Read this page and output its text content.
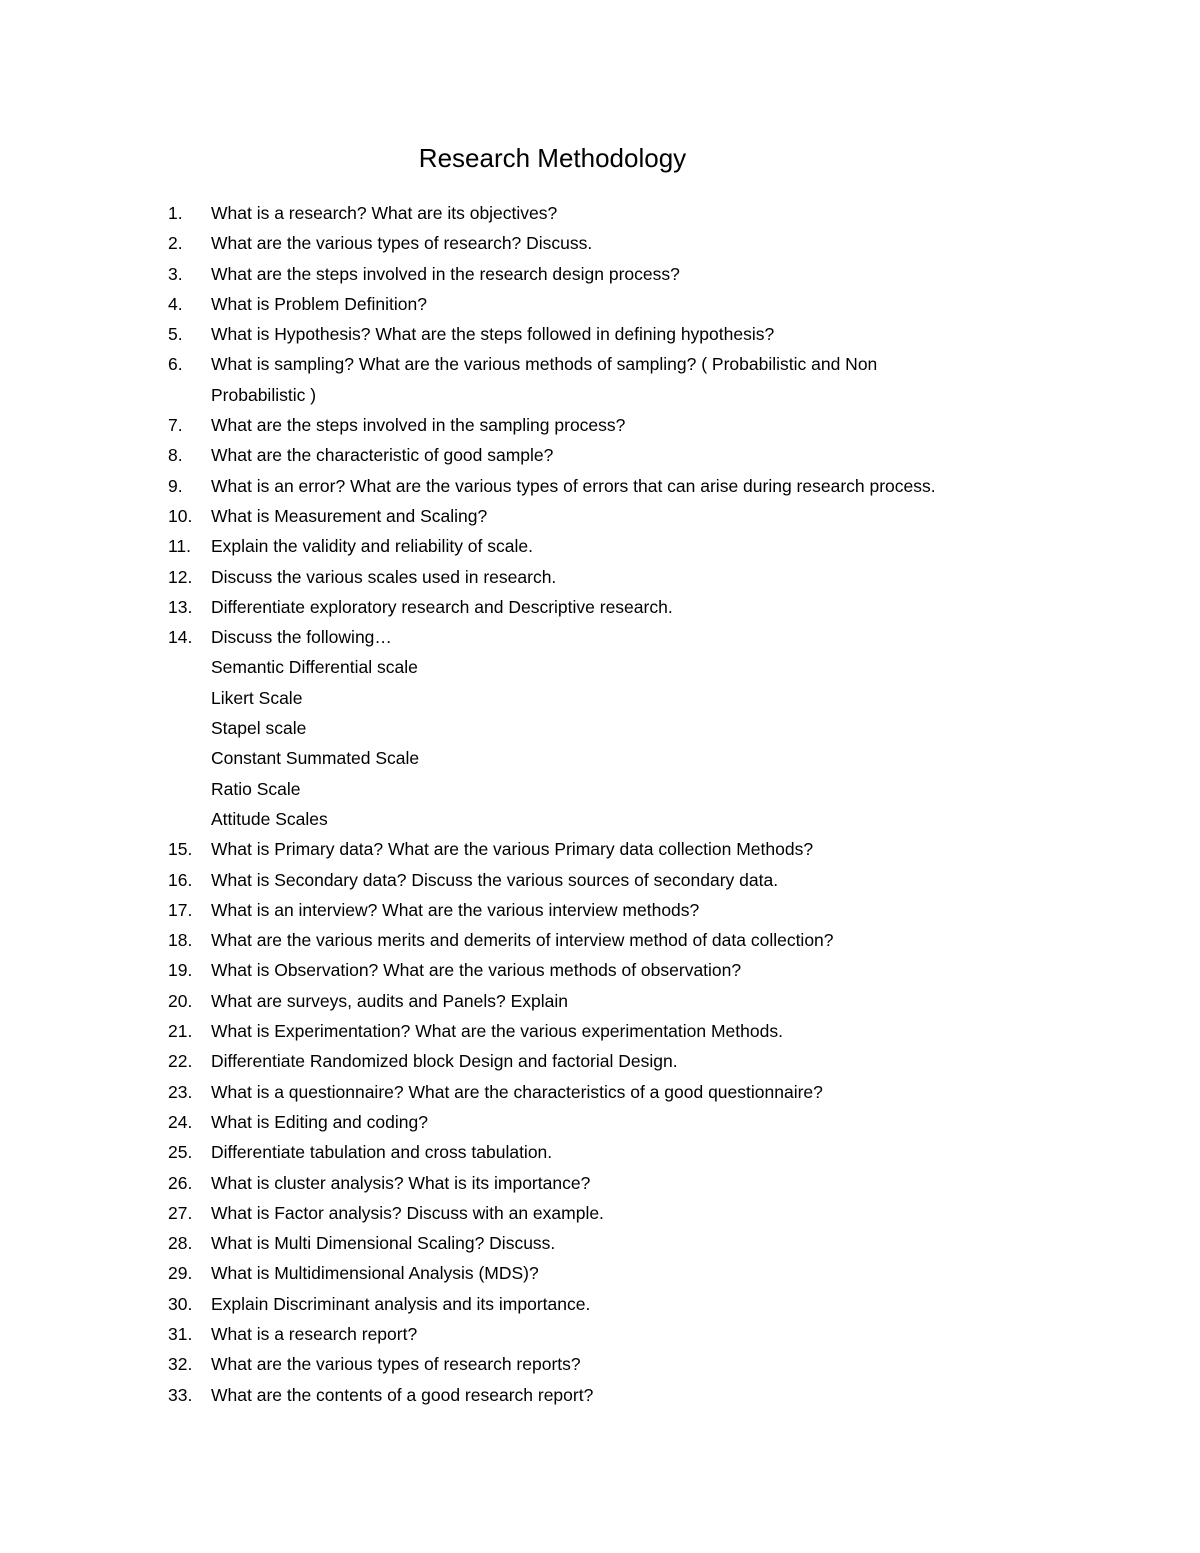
Research Methodology
1.	What is a research? What are its objectives?
2.	What are the various types of research? Discuss.
3.	What are the steps involved in the research design process?
4.	What is Problem Definition?
5.	What is Hypothesis? What are the steps followed in defining hypothesis?
6.	What is sampling? What are the various methods of sampling? ( Probabilistic and Non
Probabilistic )
7.	What are the steps involved in the sampling process?
8.	What are the characteristic of good sample?
9.	What is an error? What are the various types of errors that can arise during research process.
10.	What is Measurement and Scaling?
11.	Explain the validity and reliability of scale.
12.	Discuss the various scales used in research.
13.	Differentiate exploratory research and Descriptive research.
14.	Discuss the following…
Semantic Differential scale
Likert Scale
Stapel scale
Constant Summated Scale
Ratio Scale
Attitude Scales
15.	What is Primary data? What are the various Primary data collection Methods?
16.	What is Secondary data? Discuss the various sources of secondary data.
17.	What is an interview? What are the various interview methods?
18.	What are the various merits and demerits of interview method of data collection?
19.	What is Observation? What are the various methods of observation?
20.	What are surveys, audits and Panels? Explain
21.	What is Experimentation? What are the various experimentation Methods.
22.	Differentiate Randomized block Design and factorial Design.
23.	What is a questionnaire? What are the characteristics of a good questionnaire?
24.	What is Editing and coding?
25.	Differentiate tabulation and cross tabulation.
26.	What is cluster analysis? What is its importance?
27.	What is Factor analysis? Discuss with an example.
28.	What is Multi Dimensional Scaling? Discuss.
29.	What is Multidimensional Analysis (MDS)?
30.	Explain Discriminant analysis and its importance.
31.	What is a research report?
32.	What are the various types of research reports?
33.	What are the contents of a good research report?
